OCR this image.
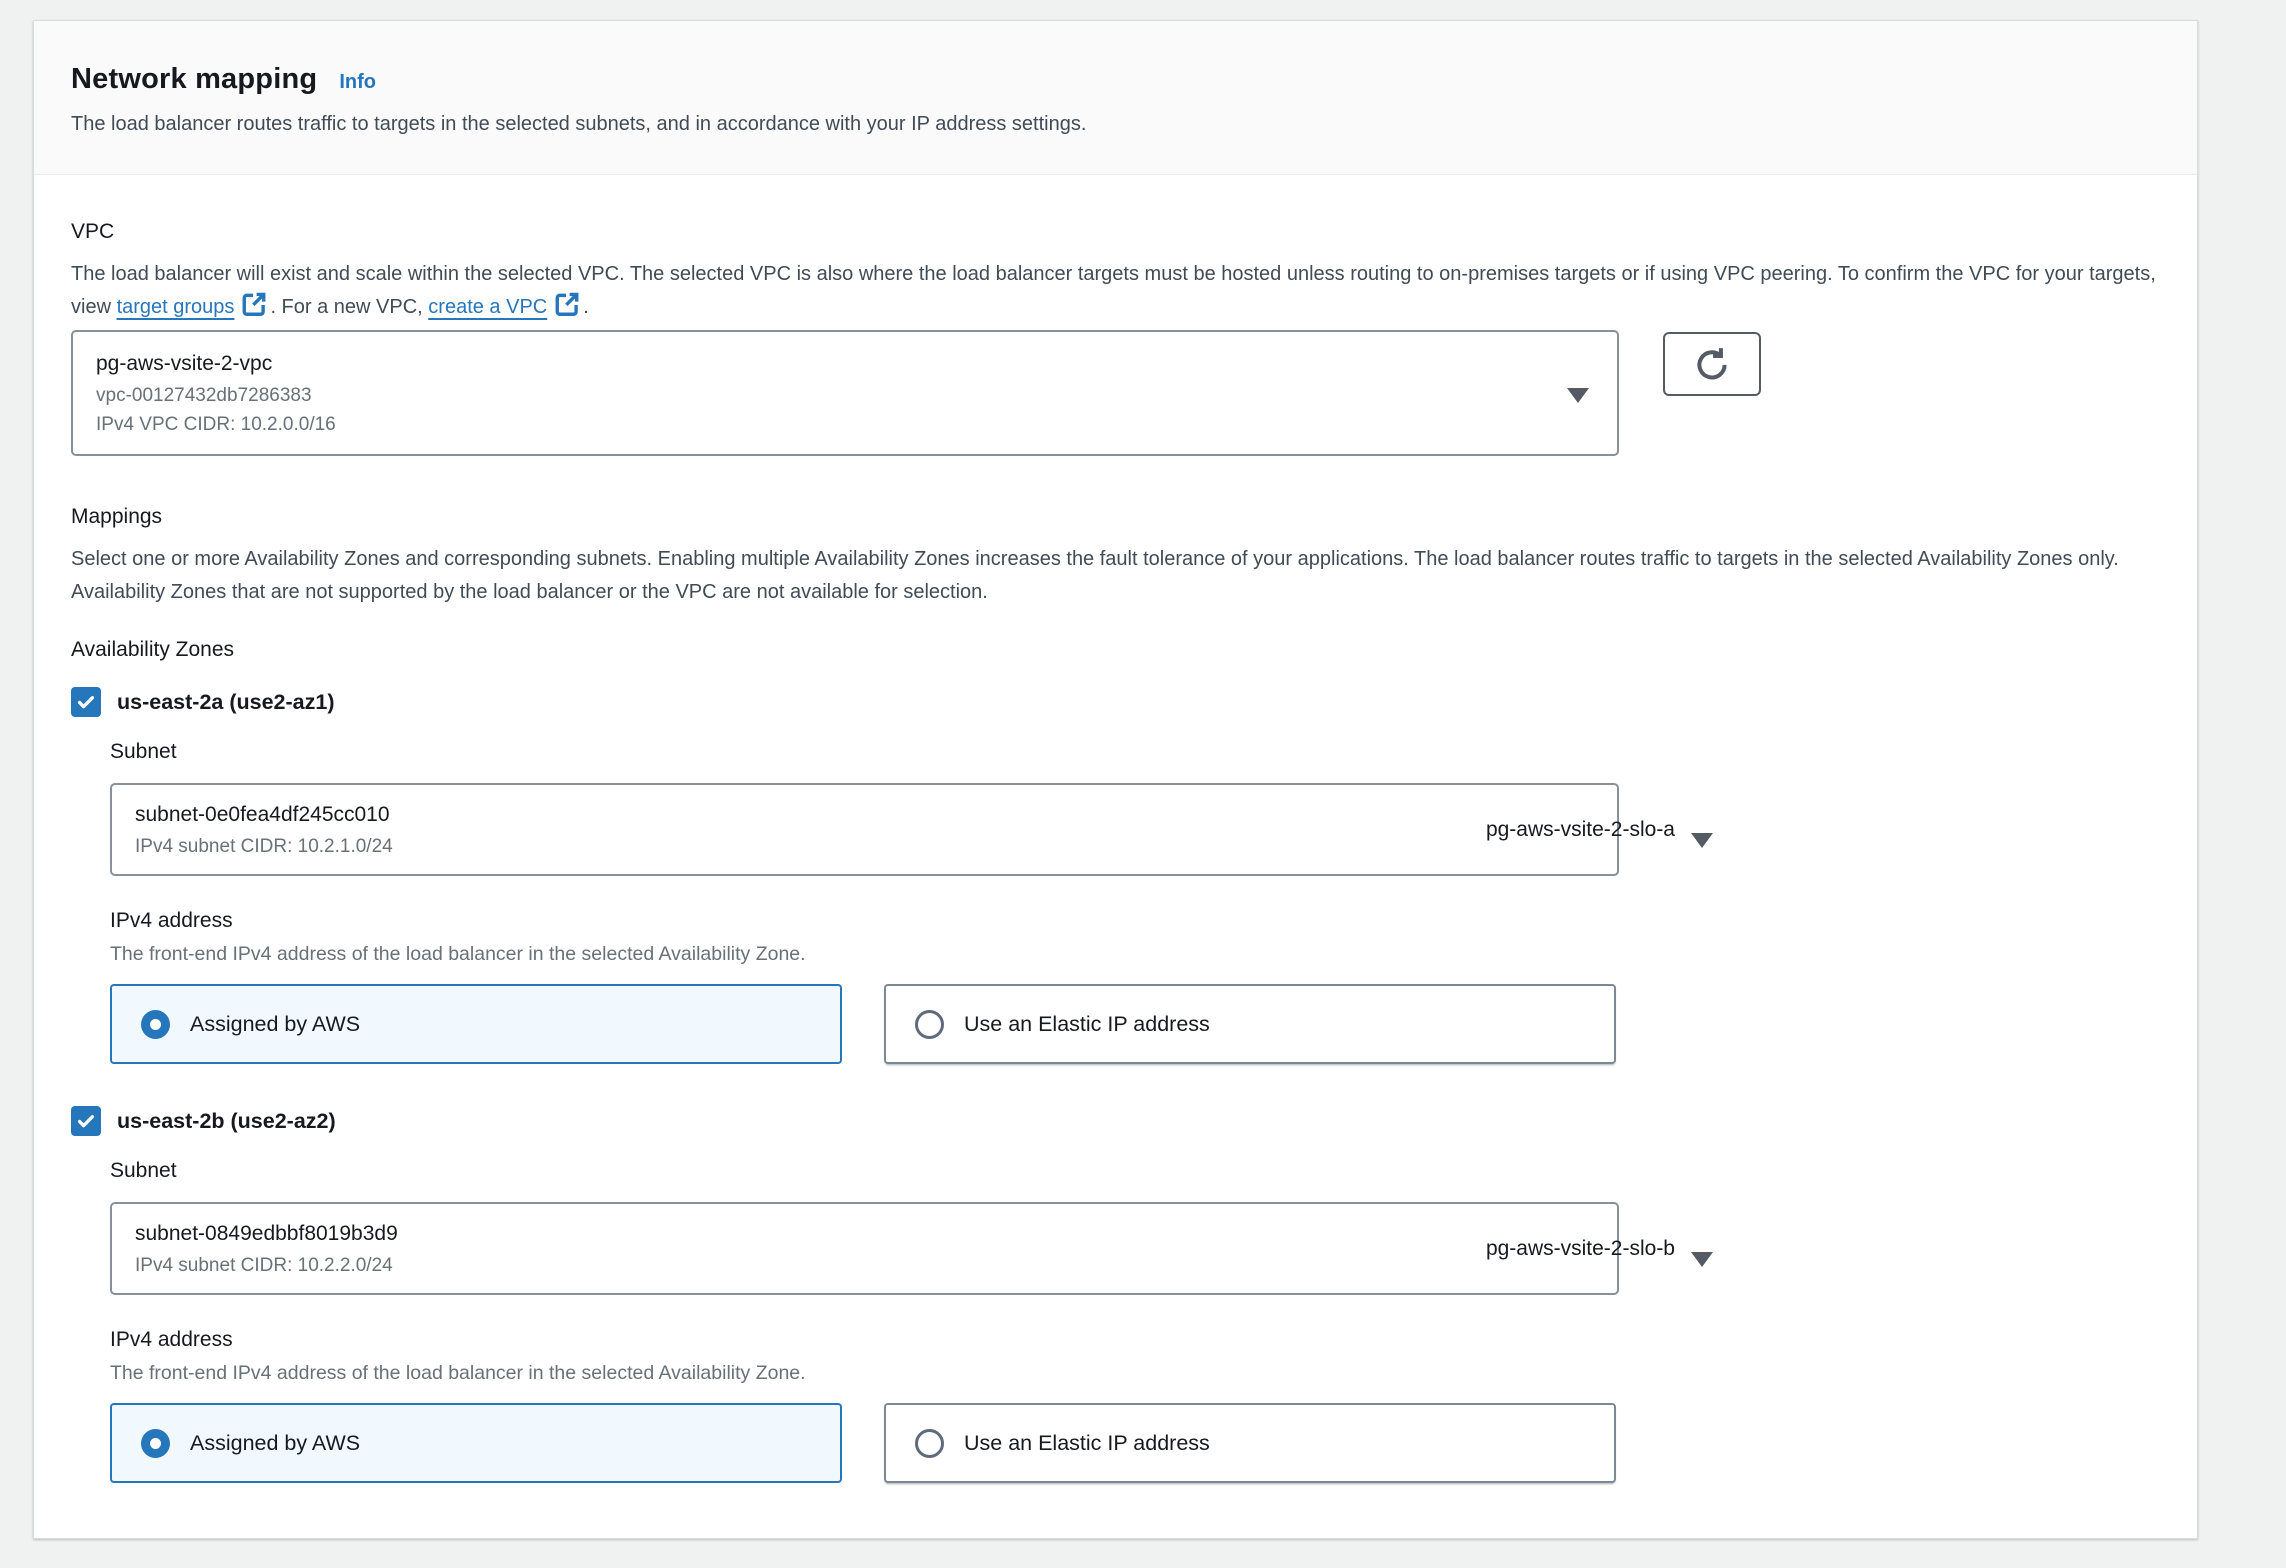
Network mapping Info
The load balancer routes traffic to targets in the selected subnets, and in accordance with your IP address settings.
VPC
The load balancer will exist and scale within the selected VPC. The selected VPC is also where the load balancer targets must be hosted unless routing to on-premises targets or if using VPC peering. To confirm the VPC for your targets, view target groups . For a new VPC, create a VPC .
pg-aws-vsite-2-vpc
vpc-00127432db7286383
IPv4 VPC CIDR: 10.2.0.0/16
Mappings
Select one or more Availability Zones and corresponding subnets. Enabling multiple Availability Zones increases the fault tolerance of your applications. The load balancer routes traffic to targets in the selected Availability Zones only. Availability Zones that are not supported by the load balancer or the VPC are not available for selection.
Availability Zones
us-east-2a (use2-az1)
Subnet
subnet-0e0fea4df245cc010
IPv4 subnet CIDR: 10.2.1.0/24
pg-aws-vsite-2-slo-a
IPv4 address
The front-end IPv4 address of the load balancer in the selected Availability Zone.
Assigned by AWS	Use an Elastic IP address
us-east-2b (use2-az2)
Subnet
subnet-0849edbbf8019b3d9
IPv4 subnet CIDR: 10.2.2.0/24
pg-aws-vsite-2-slo-b
IPv4 address
The front-end IPv4 address of the load balancer in the selected Availability Zone.
Assigned by AWS	Use an Elastic IP address
